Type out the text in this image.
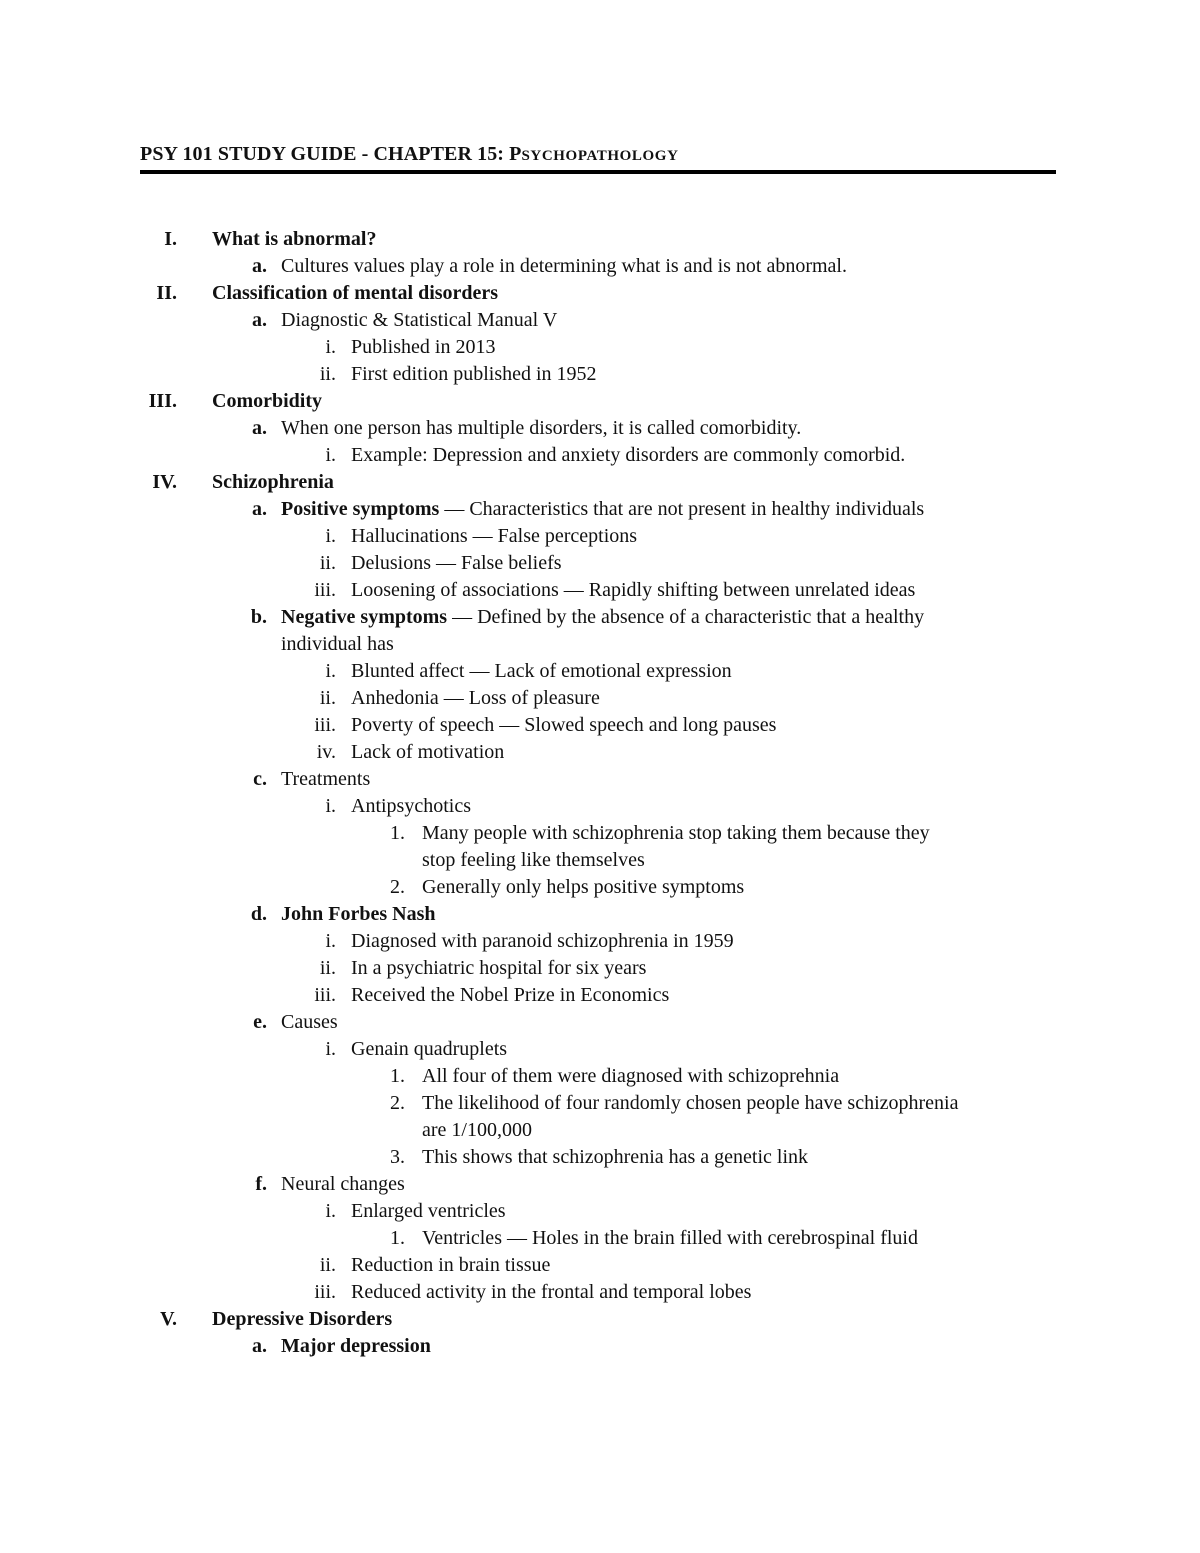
PSY 101 STUDY GUIDE - CHAPTER 15: PSYCHOPATHOLOGY
I. What is abnormal?
a. Cultures values play a role in determining what is and is not abnormal.
II. Classification of mental disorders
a. Diagnostic & Statistical Manual V
i. Published in 2013
ii. First edition published in 1952
III. Comorbidity
a. When one person has multiple disorders, it is called comorbidity.
i. Example: Depression and anxiety disorders are commonly comorbid.
IV. Schizophrenia
a. Positive symptoms — Characteristics that are not present in healthy individuals
i. Hallucinations — False perceptions
ii. Delusions — False beliefs
iii. Loosening of associations — Rapidly shifting between unrelated ideas
b. Negative symptoms — Defined by the absence of a characteristic that a healthy
individual has
i. Blunted affect — Lack of emotional expression
ii. Anhedonia — Loss of pleasure
iii. Poverty of speech — Slowed speech and long pauses
iv. Lack of motivation
c. Treatments
i. Antipsychotics
1. Many people with schizophrenia stop taking them because they
stop feeling like themselves
2. Generally only helps positive symptoms
d. John Forbes Nash
i. Diagnosed with paranoid schizophrenia in 1959
ii. In a psychiatric hospital for six years
iii. Received the Nobel Prize in Economics
e. Causes
i. Genain quadruplets
1. All four of them were diagnosed with schizoprehnia
2. The likelihood of four randomly chosen people have schizophrenia
are 1/100,000
3. This shows that schizophrenia has a genetic link
f. Neural changes
i. Enlarged ventricles
1. Ventricles — Holes in the brain filled with cerebrospinal fluid
ii. Reduction in brain tissue
iii. Reduced activity in the frontal and temporal lobes
V. Depressive Disorders
a. Major depression
